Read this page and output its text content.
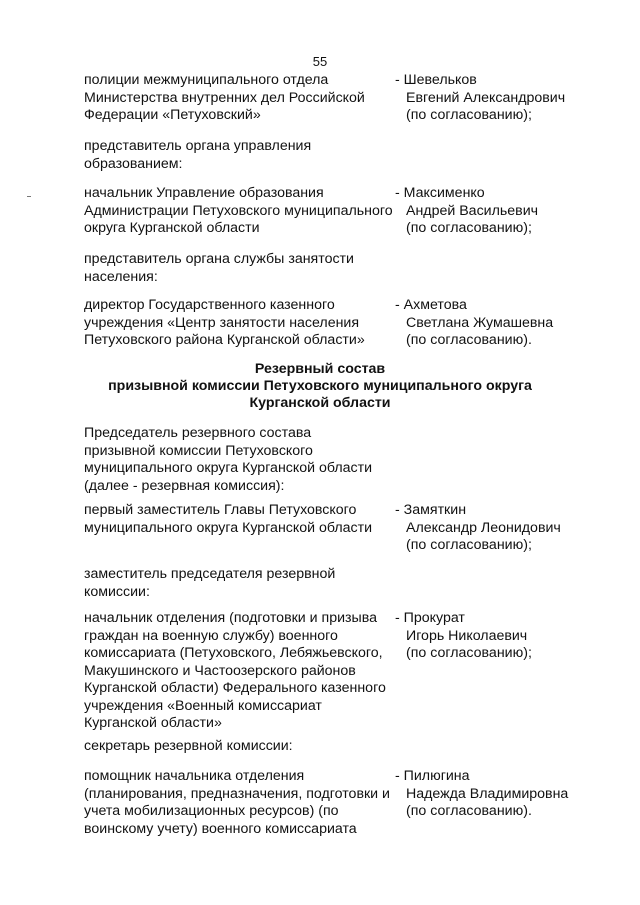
55
полиции межмуниципального отдела
Министерства внутренних дел Российской
Федерации «Петуховский»
- Шевельков
Евгений Александрович
(по согласованию);
представитель органа управления
образованием:
начальник Управление образования
Администрации Петуховского муниципального
округа Курганской области
- Максименко
Андрей Васильевич
(по согласованию);
представитель органа службы занятости
населения:
директор Государственного казенного
учреждения «Центр занятости населения
Петуховского района Курганской области»
- Ахметова
Светлана Жумашевна
(по согласованию).
Резервный состав
призывной комиссии Петуховского муниципального округа
Курганской области
Председатель резервного состава
призывной комиссии Петуховского
муниципального округа Курганской области
(далее - резервная комиссия):
первый заместитель Главы Петуховского
муниципального округа Курганской области
- Замяткин
Александр Леонидович
(по согласованию);
заместитель председателя резервной
комиссии:
начальник отделения (подготовки и призыва
граждан на военную службу) военного
комиссариата (Петуховского, Лебяжьевского,
Макушинского и Частоозерского районов
Курганской области) Федерального казенного
учреждения «Военный комиссариат
Курганской области»
- Прокурат
Игорь Николаевич
(по согласованию);
секретарь резервной комиссии:
помощник начальника отделения
(планирования, предназначения, подготовки и
учета мобилизационных ресурсов) (по
воинскому учету) военного комиссариата
- Пилюгина
Надежда Владимировна
(по согласованию).
